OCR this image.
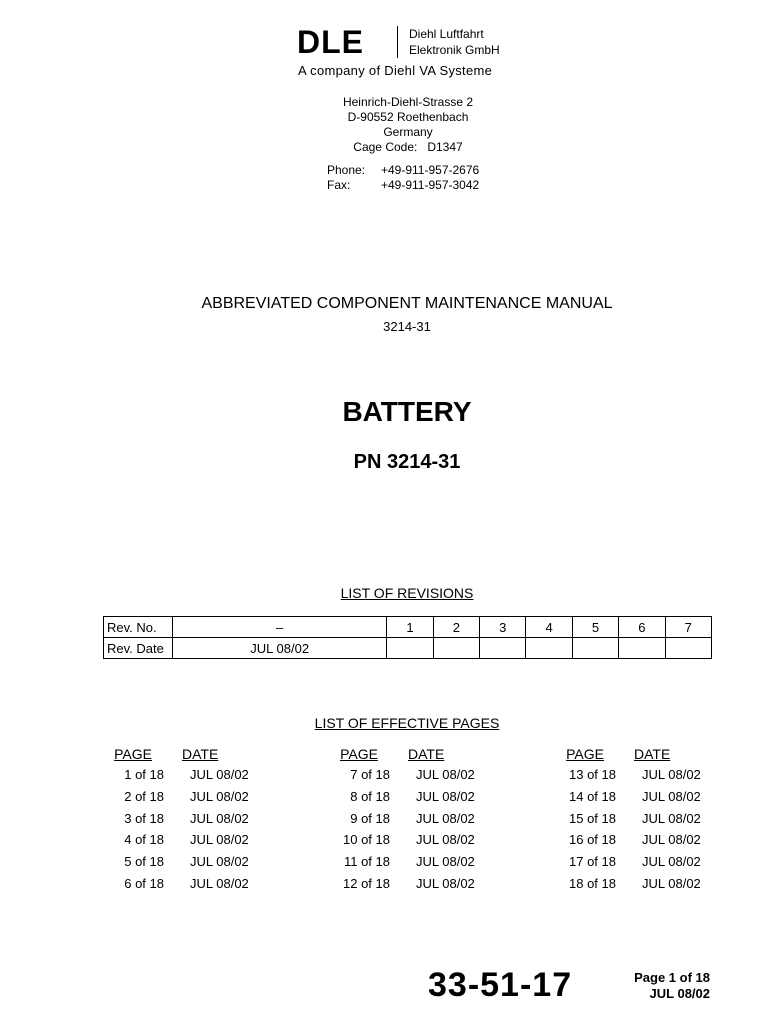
DLE	Diehl Luftfahrt
Elektronik GmbH
A company of Diehl VA Systeme
Heinrich-Diehl-Strasse 2
D-90552 Roethenbach
Germany
Cage Code:   D1347
Phone: +49-911-957-2676
Fax:	+49-911-957-3042
ABBREVIATED COMPONENT MAINTENANCE MANUAL
3214-31
BATTERY
PN 3214-31
LIST OF REVISIONS
Rev. No.	–	1	2	3	4	5	6	7
Rev. Date	JUL 08/02							
LIST OF EFFECTIVE PAGES
PAGE DATE
1 of 18 JUL 08/02
2 of 18 JUL 08/02
3 of 18 JUL 08/02
4 of 18 JUL 08/02
5 of 18 JUL 08/02
6 of 18 JUL 08/02
PAGE DATE
7 of 18 JUL 08/02
8 of 18 JUL 08/02
9 of 18 JUL 08/02
10 of 18 JUL 08/02
11 of 18 JUL 08/02
12 of 18 JUL 08/02
PAGE DATE
13 of 18 JUL 08/02
14 of 18 JUL 08/02
15 of 18 JUL 08/02
16 of 18 JUL 08/02
17 of 18 JUL 08/02
18 of 18 JUL 08/02
33-51-17	Page 1 of 18
JUL 08/02
